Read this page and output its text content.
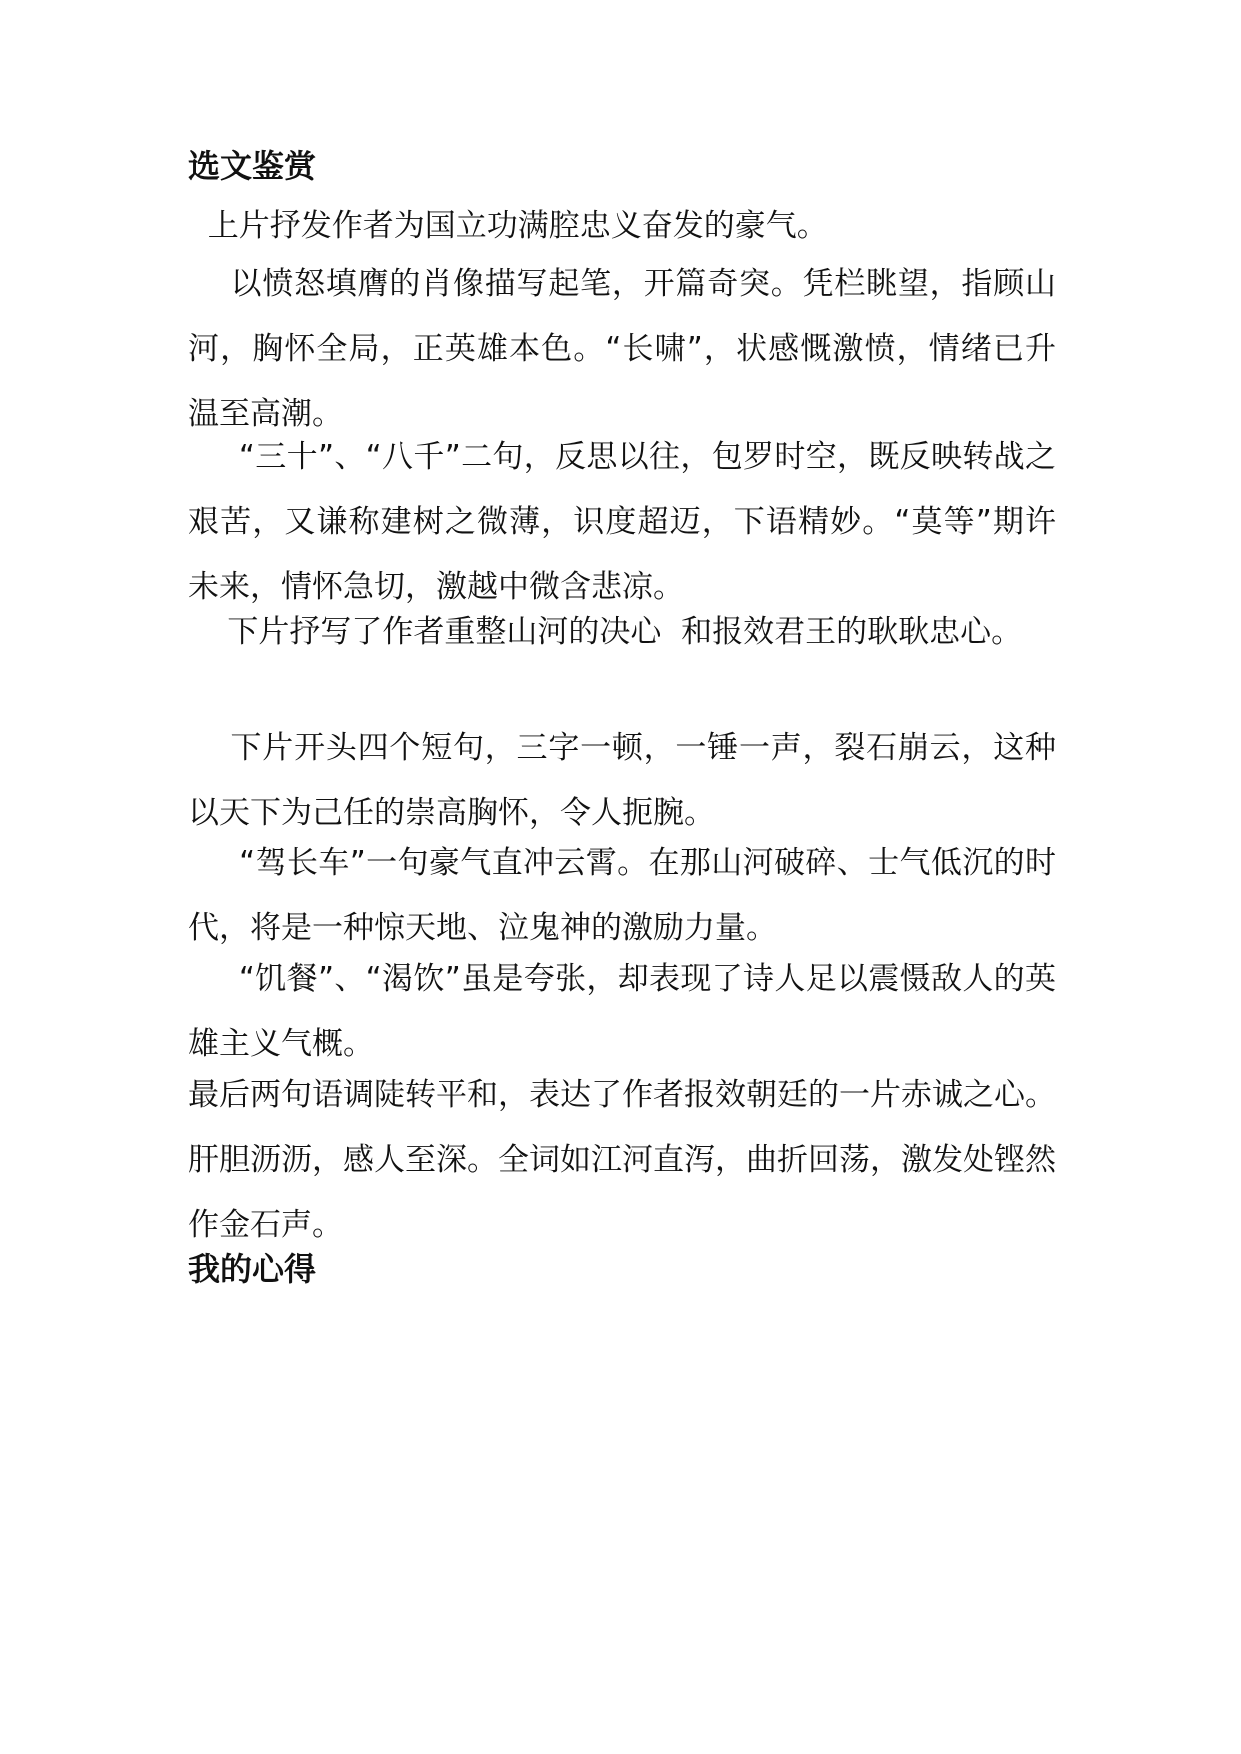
选文鉴赏
上片抒发作者为国立功满腔忠义奋发的豪气。
以愤怒填膺的肖像描写起笔，开篇奇突。凭栏眺望，指顾山河，胸怀全局，正英雄本色。“长啸”，状感慨激愤，情绪已升温至高潮。
“三十”、“八千”二句，反思以往，包罗时空，既反映转战之艰苦，又谦称建树之微薄，识度超迈，下语精妙。“莫等”期许未来，情怀急切，激越中微含悲凉。
下片抒写了作者重整山河的决心  和报效君王的耿耿忠心。
下片开头四个短句，三字一顿，一锤一声，裂石崩云，这种以天下为己任的崇高胸怀，令人扼腕。
“驾长车”一句豪气直冲云霄。在那山河破碎、士气低沉的时代，将是一种惊天地、泣鬼神的激励力量。
“饥餐”、“渴饮”虽是夸张，却表现了诗人足以震慑敌人的英雄主义气概。
最后两句语调陡转平和，表达了作者报效朝廷的一片赤诚之心。肝胆沥沥，感人至深。全词如江河直泻，曲折回荡，激发处铿然作金石声。
我的心得
